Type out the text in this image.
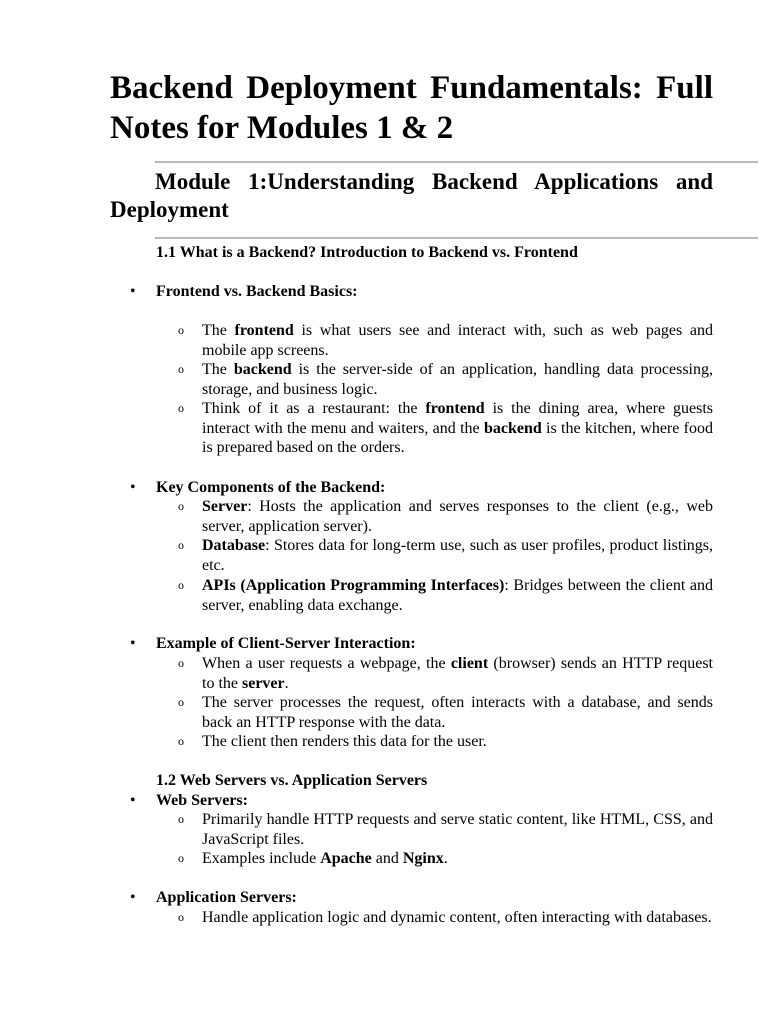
Backend Deployment Fundamentals: Full Notes for Modules 1 & 2
Module 1:Understanding Backend Applications and Deployment
1.1 What is a Backend? Introduction to Backend vs. Frontend
• Frontend vs. Backend Basics:
o The frontend is what users see and interact with, such as web pages and mobile app screens.
o The backend is the server-side of an application, handling data processing, storage, and business logic.
o Think of it as a restaurant: the frontend is the dining area, where guests interact with the menu and waiters, and the backend is the kitchen, where food is prepared based on the orders.
• Key Components of the Backend:
o Server: Hosts the application and serves responses to the client (e.g., web server, application server).
o Database: Stores data for long-term use, such as user profiles, product listings, etc.
o APIs (Application Programming Interfaces): Bridges between the client and server, enabling data exchange.
• Example of Client-Server Interaction:
o When a user requests a webpage, the client (browser) sends an HTTP request to the server.
o The server processes the request, often interacts with a database, and sends back an HTTP response with the data.
o The client then renders this data for the user.
1.2 Web Servers vs. Application Servers
• Web Servers:
o Primarily handle HTTP requests and serve static content, like HTML, CSS, and JavaScript files.
o Examples include Apache and Nginx.
• Application Servers:
o Handle application logic and dynamic content, often interacting with databases.
